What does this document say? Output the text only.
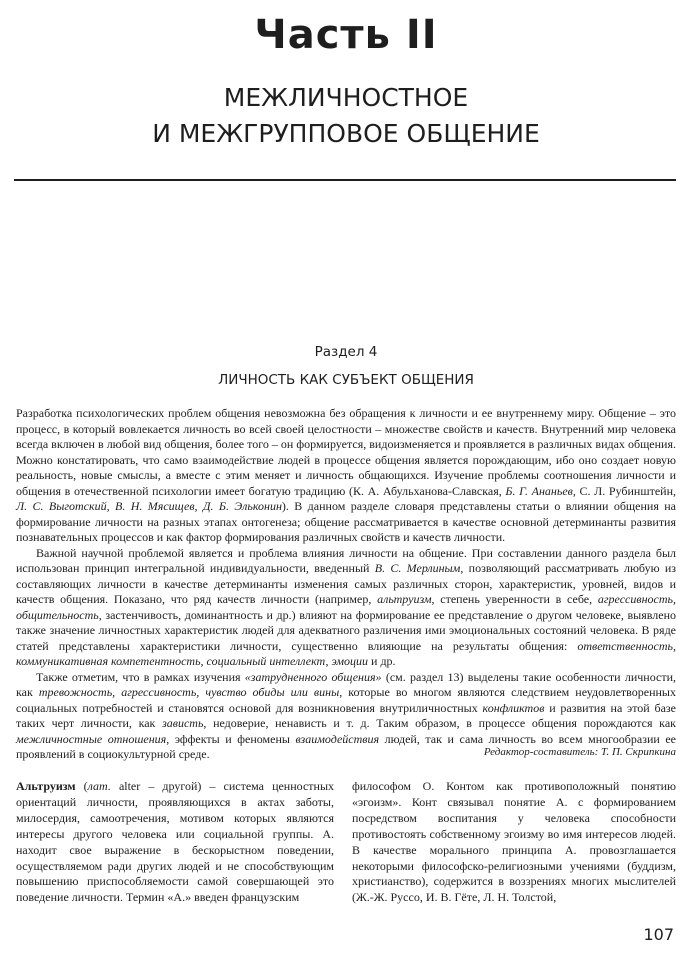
Часть II
МЕЖЛИЧНОСТНОЕ
И МЕЖГРУППОВОЕ ОБЩЕНИЕ
Раздел 4
ЛИЧНОСТЬ КАК СУБЪЕКТ ОБЩЕНИЯ

Разработка психологических проблем общения невозможна без обращения к личности и ее внутреннему миру. Общение – это процесс, в который вовлекается личность во всей своей целостности – множестве свойств и качеств. Внутренний мир человека всегда включен в любой вид общения, более того – он формируется, видоизменяется и проявляется в различных видах общения. Можно констатировать, что само взаимодействие людей в процессе общения является порождающим, ибо оно создает новую реальность, новые смыслы, а вместе с этим меняет и личность общающихся. Изучение проблемы соотношения личности и общения в отечественной психологии имеет богатую традицию (К. А. Абульханова-Славская, Б. Г. Ананьев, С. Л. Рубинштейн, Л. С. Выготский, В. Н. Мясищев, Д. Б. Эльконин). В данном разделе словаря представлены статьи о влиянии общения на формирование личности на разных этапах онтогенеза; общение рассматривается в качестве основной детерминанты развития познавательных процессов и как фактор формирования различных свойств и качеств личности.

Важной научной проблемой является и проблема влияния личности на общение. При составлении данного раздела был использован принцип интегральной индивидуальности, введенный В. С. Мерлиным, позволяющий рассматривать любую из составляющих личности в качестве детерминанты изменения самых различных сторон, характеристик, уровней, видов и качеств общения. Показано, что ряд качеств личности (например, альтруизм, степень уверенности в себе, агрессивность, общительность, застенчивость, доминантность и др.) влияют на формирование ее представление о другом человеке, выявлено также значение личностных характеристик людей для адекватного различения ими эмоциональных состояний человека. В ряде статей представлены характеристики личности, существенно влияющие на результаты общения: ответственность, коммуникативная компетентность, социальный интеллект, эмоции и др.

Также отметим, что в рамках изучения «затрудненного общения» (см. раздел 13) выделены такие особенности личности, как тревожность, агрессивность, чувство обиды или вины, которые во многом являются следствием неудовлетворенных социальных потребностей и становятся основой для возникновения внутриличностных конфликтов и развития на этой базе таких черт личности, как зависть, недоверие, ненависть и т. д. Таким образом, в процессе общения порождаются как межличностные отношения, эффекты и феномены взаимодействия людей, так и сама личность во всем многообразии ее проявлений в социокультурной среде.	Редактор-составитель: Т. П. Скрипкина

Альтруизм (лат. alter – другой) – система ценностных ориентаций личности, проявляющихся в актах заботы, милосердия, самоотречения, мотивом которых являются интересы другого человека или социальной группы. А. находит свое выражение в бескорыстном поведении, осуществляемом ради других людей и не способствующим повышению приспособляемости самой совершающей это поведение личности. Термин «А.» введен французским

философом О. Контом как противоположный понятию «эгоизм». Конт связывал понятие А. с формированием посредством воспитания у человека способности противостоять собственному эгоизму во имя интересов людей. В качестве морального принципа А. провозглашается некоторыми философско-религиозными учениями (буддизм, христианство), содержится в воззрениях многих мыслителей (Ж.-Ж. Руссо, И. В. Гёте, Л. Н. Толстой,

107
